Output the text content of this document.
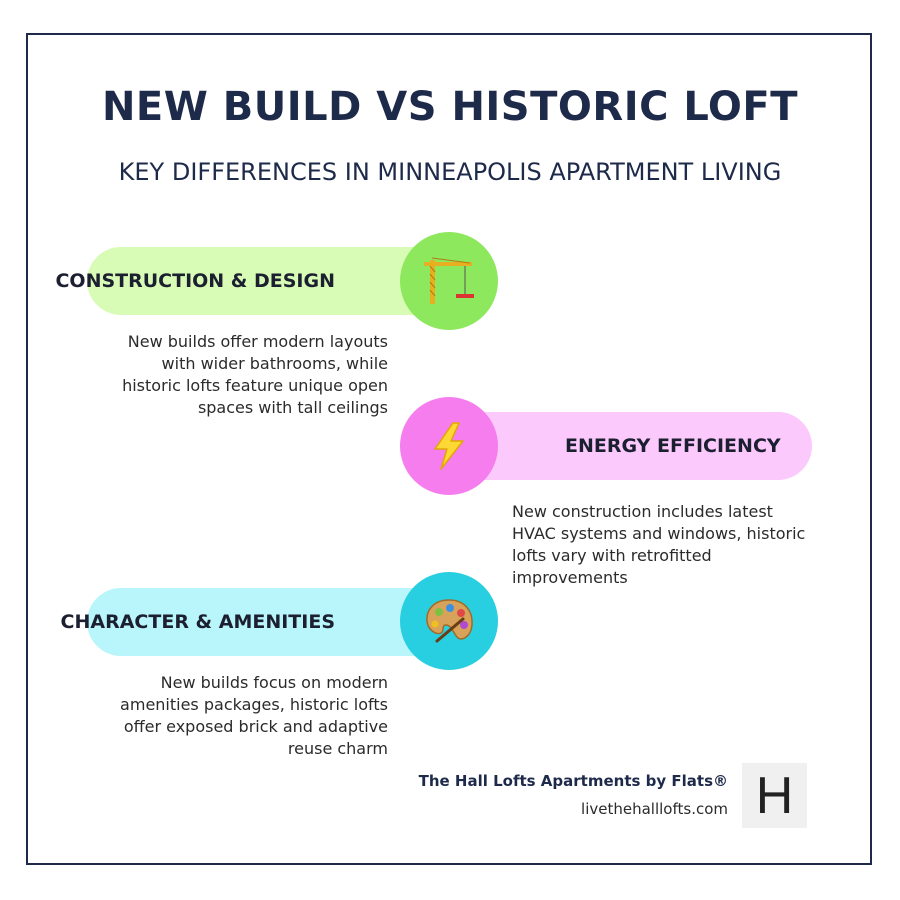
NEW BUILD VS HISTORIC LOFT
KEY DIFFERENCES IN MINNEAPOLIS APARTMENT LIVING
CONSTRUCTION & DESIGN
New builds offer modern layouts with wider bathrooms, while historic lofts feature unique open spaces with tall ceilings
ENERGY EFFICIENCY
New construction includes latest HVAC systems and windows, historic lofts vary with retrofitted improvements
CHARACTER & AMENITIES
New builds focus on modern amenities packages, historic lofts offer exposed brick and adaptive reuse charm
The Hall Lofts Apartments by Flats®
livethehalllofts.com H
